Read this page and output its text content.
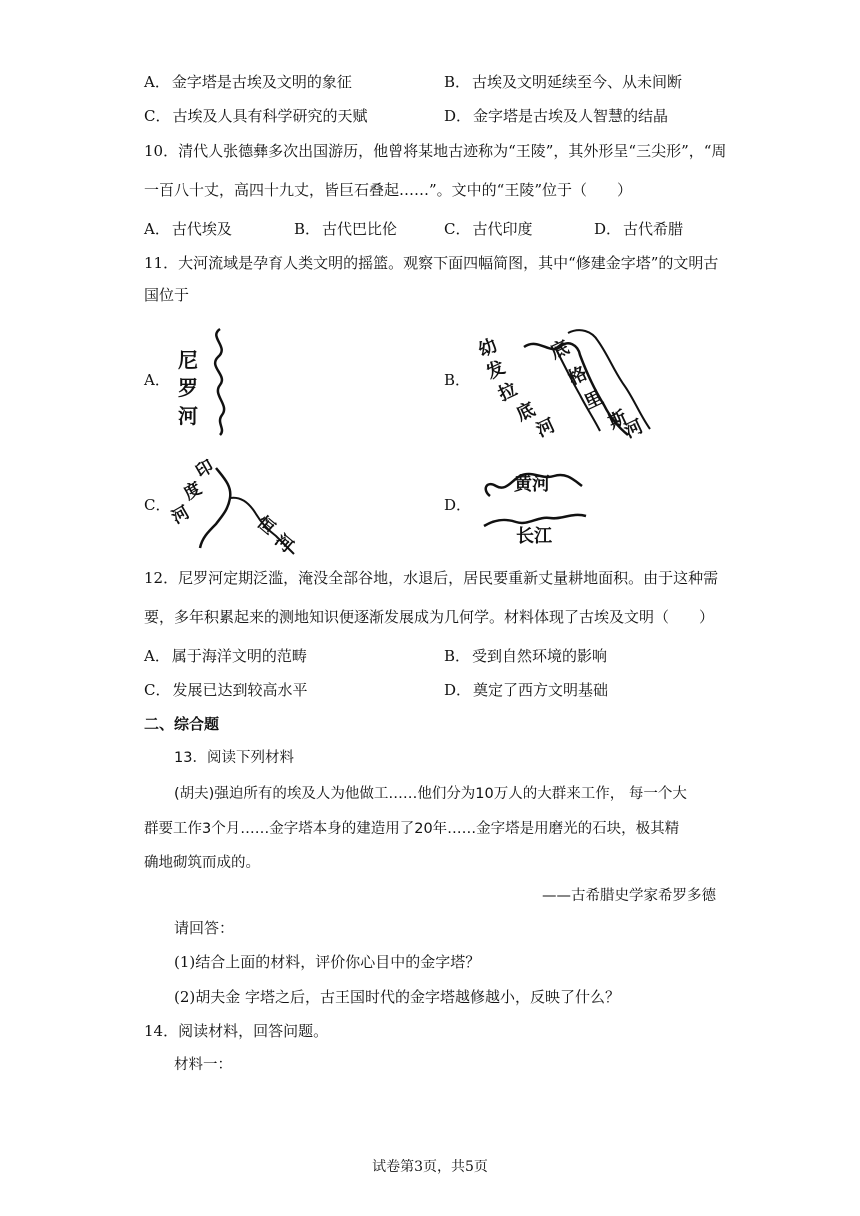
A． 金字塔是古埃及文明的象征	B． 古埃及文明延续至今、从未间断
C． 古埃及人具有科学研究的天赋	D． 金字塔是古埃及人智慧的结晶
10．清代人张德彝多次出国游历，他曾将某地古迹称为“王陵”，其外形呈“三尖形”，“周
一百八十丈，高四十九丈，皆巨石叠起……”。文中的“王陵”位于（　　）
A． 古代埃及	B． 古代巴比伦	C． 古代印度	D． 古代希腊
11．大河流域是孕育人类文明的摇篮。观察下面四幅简图，其中“修建金字塔”的文明古
国位于
A．
尼
罗
河
B．
幼
发
拉
底
河
底
格
里
斯
河
C．
印
度
河	恒
河
D．
黄河
长江
12．尼罗河定期泛滥，淹没全部谷地，水退后，居民要重新丈量耕地面积。由于这种需
要，多年积累起来的测地知识便逐渐发展成为几何学。材料体现了古埃及文明（　　）
A． 属于海洋文明的范畴	B． 受到自然环境的影响
C． 发展已达到较高水平	D． 奠定了西方文明基础
二、综合题
13．阅读下列材料
(胡夫)强迫所有的埃及人为他做工……他们分为10万人的大群来工作， 每一个大
群要工作3个月……金字塔本身的建造用了20年……金字塔是用磨光的石块，极其精
确地砌筑而成的。
——古希腊史学家希罗多德
请回答：
(1)结合上面的材料，评价你心目中的金字塔？
(2)胡夫金 字塔之后，古王国时代的金字塔越修越小，反映了什么？
14．阅读材料，回答问题。
材料一：
试卷第3页，共5页
